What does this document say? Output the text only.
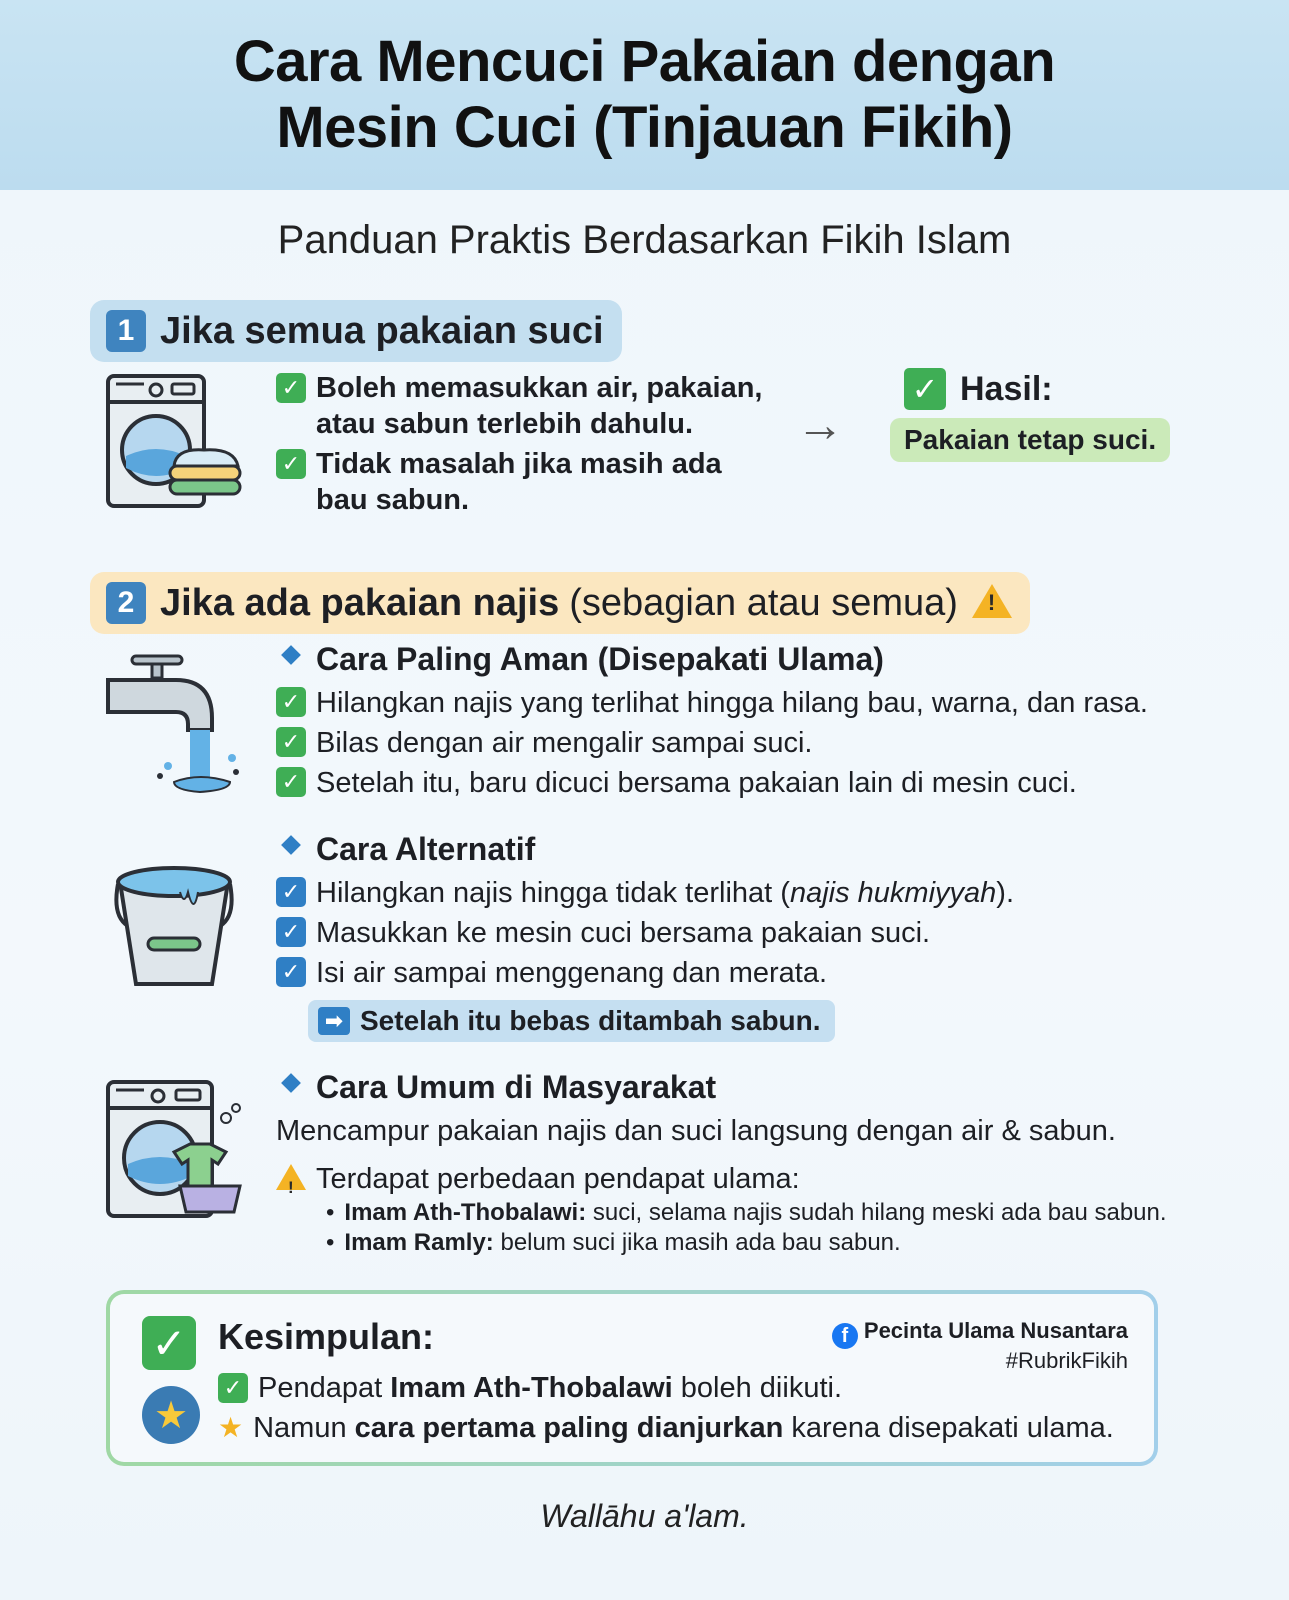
Cara Mencuci Pakaian dengan
Mesin Cuci (Tinjauan Fikih)
Panduan Praktis Berdasarkan Fikih Islam
1 Jika semua pakaian suci
✓ Boleh memasukkan air, pakaian, atau sabun terlebih dahulu.
✓ Tidak masalah jika masih ada bau sabun.
→
✓ Hasil:
Pakaian tetap suci.
2 Jika ada pakaian najis (sebagian atau semua)
!
Cara Paling Aman (Disepakati Ulama)
✓ Hilangkan najis yang terlihat hingga hilang bau, warna, dan rasa.
✓ Bilas dengan air mengalir sampai suci.
✓ Setelah itu, baru dicuci bersama pakaian lain di mesin cuci.
Cara Alternatif
✓ Hilangkan najis hingga tidak terlihat (najis hukmiyyah).
✓ Masukkan ke mesin cuci bersama pakaian suci.
✓ Isi air sampai menggenang dan merata.
➡ Setelah itu bebas ditambah sabun.
Cara Umum di Masyarakat
Mencampur pakaian najis dan suci langsung dengan air & sabun.
!
Terdapat perbedaan pendapat ulama:
• Imam Ath-Thobalawi: suci, selama najis sudah hilang meski ada bau sabun.
• Imam Ramly: belum suci jika masih ada bau sabun.
✓
★
Kesimpulan:	f Pecinta Ulama Nusantara
#RubrikFikih
✓ Pendapat Imam Ath-Thobalawi boleh diikuti.
★ Namun cara pertama paling dianjurkan karena disepakati ulama.
Wallāhu a'lam.
